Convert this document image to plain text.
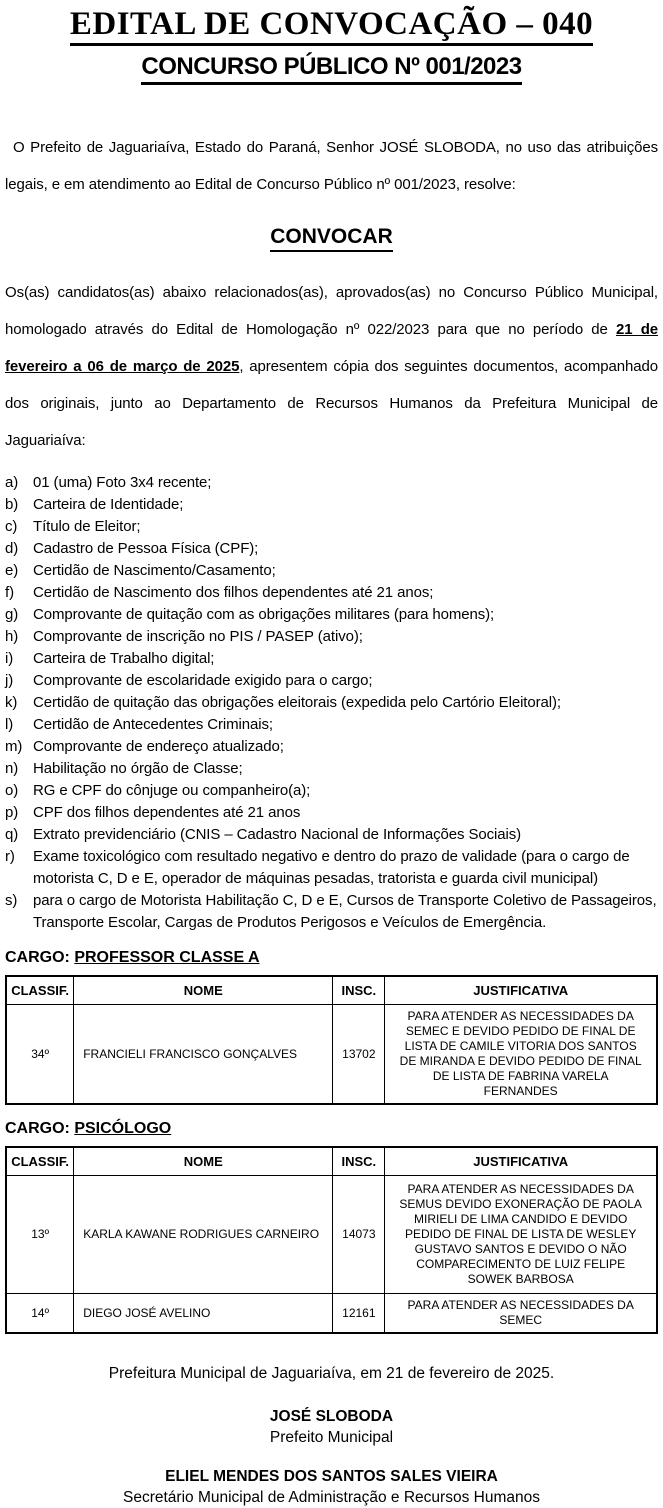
EDITAL DE CONVOCAÇÃO – 040
CONCURSO PÚBLICO Nº 001/2023

O Prefeito de Jaguariaíva, Estado do Paraná, Senhor JOSÉ SLOBODA, no uso das atribuições legais, e em atendimento ao Edital de Concurso Público nº 001/2023, resolve:

CONVOCAR

Os(as) candidatos(as) abaixo relacionados(as), aprovados(as) no Concurso Público Municipal, homologado através do Edital de Homologação nº 022/2023 para que no período de 21 de fevereiro a 06 de março de 2025, apresentem cópia dos seguintes documentos, acompanhado dos originais, junto ao Departamento de Recursos Humanos da Prefeitura Municipal de Jaguariaíva:

a) 01 (uma) Foto 3x4 recente;
b) Carteira de Identidade;
c)	Título de Eleitor;
d) Cadastro de Pessoa Física (CPF);
e) Certidão de Nascimento/Casamento;
f)	Certidão de Nascimento dos filhos dependentes até 21 anos;
g) Comprovante de quitação com as obrigações militares (para homens);
h) Comprovante de inscrição no PIS / PASEP (ativo);
i)	Carteira de Trabalho digital;
j)	Comprovante de escolaridade exigido para o cargo;
k)	Certidão de quitação das obrigações eleitorais (expedida pelo Cartório Eleitoral);
l)	Certidão de Antecedentes Criminais;
m) Comprovante de endereço atualizado;
n) Habilitação no órgão de Classe;
o) RG e CPF do cônjuge ou companheiro(a);
p) CPF dos filhos dependentes até 21 anos
q) Extrato previdenciário (CNIS – Cadastro Nacional de Informações Sociais)
r)	Exame toxicológico com resultado negativo e dentro do prazo de validade (para o cargo de motorista C, D e E, operador de máquinas pesadas, tratorista e guarda civil municipal)
s)	para o cargo de Motorista Habilitação C, D e E, Cursos de Transporte Coletivo de Passageiros, Transporte Escolar, Cargas de Produtos Perigosos e Veículos de Emergência.
CARGO: PROFESSOR CLASSE A
CLASSIF.	NOME	INSC.	JUSTIFICATIVA
34º	FRANCIELI FRANCISCO GONÇALVES	13702	PARA ATENDER AS NECESSIDADES DA SEMEC E DEVIDO PEDIDO DE FINAL DE LISTA DE CAMILE VITORIA DOS SANTOS DE MIRANDA E DEVIDO PEDIDO DE FINAL DE LISTA DE FABRINA VARELA FERNANDES
CARGO: PSICÓLOGO
CLASSIF.	NOME	INSC.	JUSTIFICATIVA
13º	KARLA KAWANE RODRIGUES CARNEIRO	14073	PARA ATENDER AS NECESSIDADES DA SEMUS DEVIDO EXONERAÇÃO DE PAOLA MIRIELI DE LIMA CANDIDO E DEVIDO PEDIDO DE FINAL DE LISTA DE WESLEY GUSTAVO SANTOS E DEVIDO O NÃO COMPARECIMENTO DE LUIZ FELIPE SOWEK BARBOSA
14º	DIEGO JOSÉ AVELINO	12161	PARA ATENDER AS NECESSIDADES DA SEMEC
Prefeitura Municipal de Jaguariaíva, em 21 de fevereiro de 2025.
JOSÉ SLOBODA
Prefeito Municipal
ELIEL MENDES DOS SANTOS SALES VIEIRA
Secretário Municipal de Administração e Recursos Humanos
